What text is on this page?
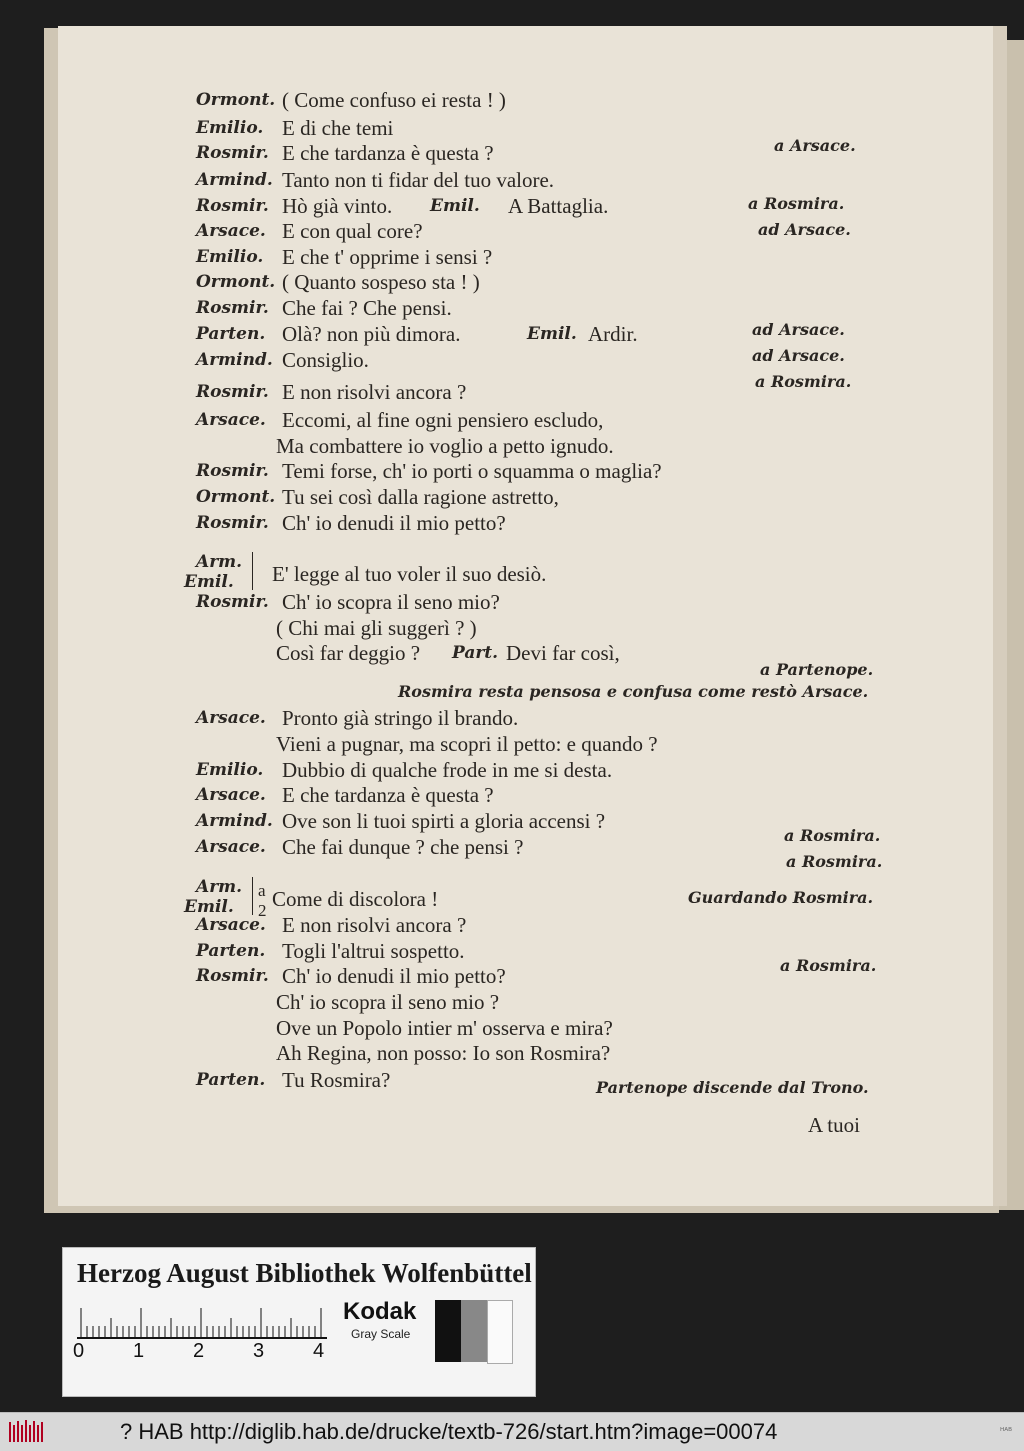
Ormont. ( Come confuso ei resta ! )
Emilio. E di che temi
Rosmir. E che tardanza è questa ?	a Arsace.
Armind. Tanto non ti fidar del tuo valore.
Rosmir. Hò già vinto. Emil. A Battaglia.	a Rosmira.
Arsace. E con qual core?	ad Arsace.
Emilio. E che t' opprime i sensi ?
Ormont. ( Quanto sospeso sta ! )
Rosmir. Che fai ? Che pensi.
Parten. Olà? non più dimora.	Emil. Ardir.	ad Arsace.
Armind. Consiglio.	ad Arsace.
a Rosmira.
Rosmir. E non risolvi ancora ?
Arsace. Eccomi, al fine ogni pensiero escludo,
Ma combattere io voglio a petto ignudo.
Rosmir. Temi forse, ch' io porti o squamma o maglia?
Ormont. Tu sei così dalla ragione astretto,
Rosmir. Ch' io denudi il mio petto?
Arm.
Emil. E' legge al tuo voler il suo desiò.
Rosmir. Ch' io scopra il seno mio?
( Chi mai gli suggerì ? )
Così far deggio ? Part. Devi far così,
a Partenope.
Rosmira resta pensosa e confusa come restò Arsace.
Arsace. Pronto già stringo il brando.
Vieni a pugnar, ma scopri il petto: e quando ?
Emilio. Dubbio di qualche frode in me si desta.
Arsace. E che tardanza è questa ?
Armind. Ove son li tuoi spirti a gloria accensi ?
a Rosmira.
Arsace. Che fai dunque ? che pensi ?
a Rosmira.
Arm.
Emil.
a 2 Come di discolora !	Guardando Rosmira.
Arsace. E non risolvi ancora ?
Parten. Togli l'altrui sospetto.
a Rosmira.
Rosmir. Ch' io denudi il mio petto?
Ch' io scopra il seno mio ?
Ove un Popolo intier m' osserva e mira?
Ah Regina, non posso: Io son Rosmira?
Parten. Tu Rosmira?	Partenope discende dal Trono.
A tuoi
Herzog August Bibliothek Wolfenbüttel
0 1 2 3 4
Kodak
Gray Scale
? HAB http://diglib.hab.de/drucke/textb-726/start.htm?image=00074	ᴴᴬᴮ
